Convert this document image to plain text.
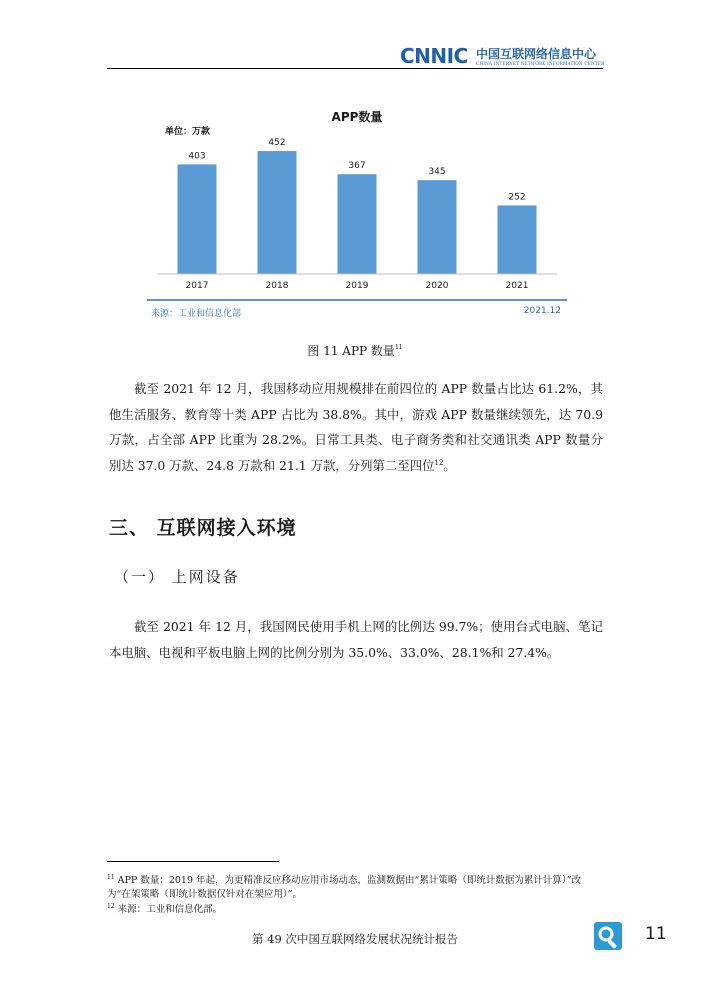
CNNIC 中国互联网络信息中心
CHINA INTERNET NETWORK INFORMATION CENTER
403
2017
452
2018
367
2019
345
2020
252
2021
APP数量
单位：万款
来源：工业和信息化部	2021.12
图 11 APP 数量$^{11}$

截至 2021 年 12 月，我国移动应用规模排在前四位的 APP 数量占比达 61.2%，其他生活服务、教育等十类 APP 占比为 38.8%。其中，游戏 APP 数量继续领先，达 70.9 万款，占全部 APP 比重为 28.2%。日常工具类、电子商务类和社交通讯类 APP 数量分别达 37.0 万款、24.8 万款和 21.1 万款，分列第二至四位$^{12}$。

三、 互联网接入环境
（一） 上网设备

截至 2021 年 12 月，我国网民使用手机上网的比例达 99.7%；使用台式电脑、笔记本电脑、电视和平板电脑上网的比例分别为 35.0%、33.0%、28.1%和 27.4%。

$^{11}$ APP 数量：2019 年起，为更精准反应移动应用市场动态，监测数据由“累计策略（即统计数据为累计计算）”改为“在架策略（即统计数据仅针对在架应用）”。

$^{12}$ 来源：工业和信息化部。

第 49 次中国互联网络发展状况统计报告	11
